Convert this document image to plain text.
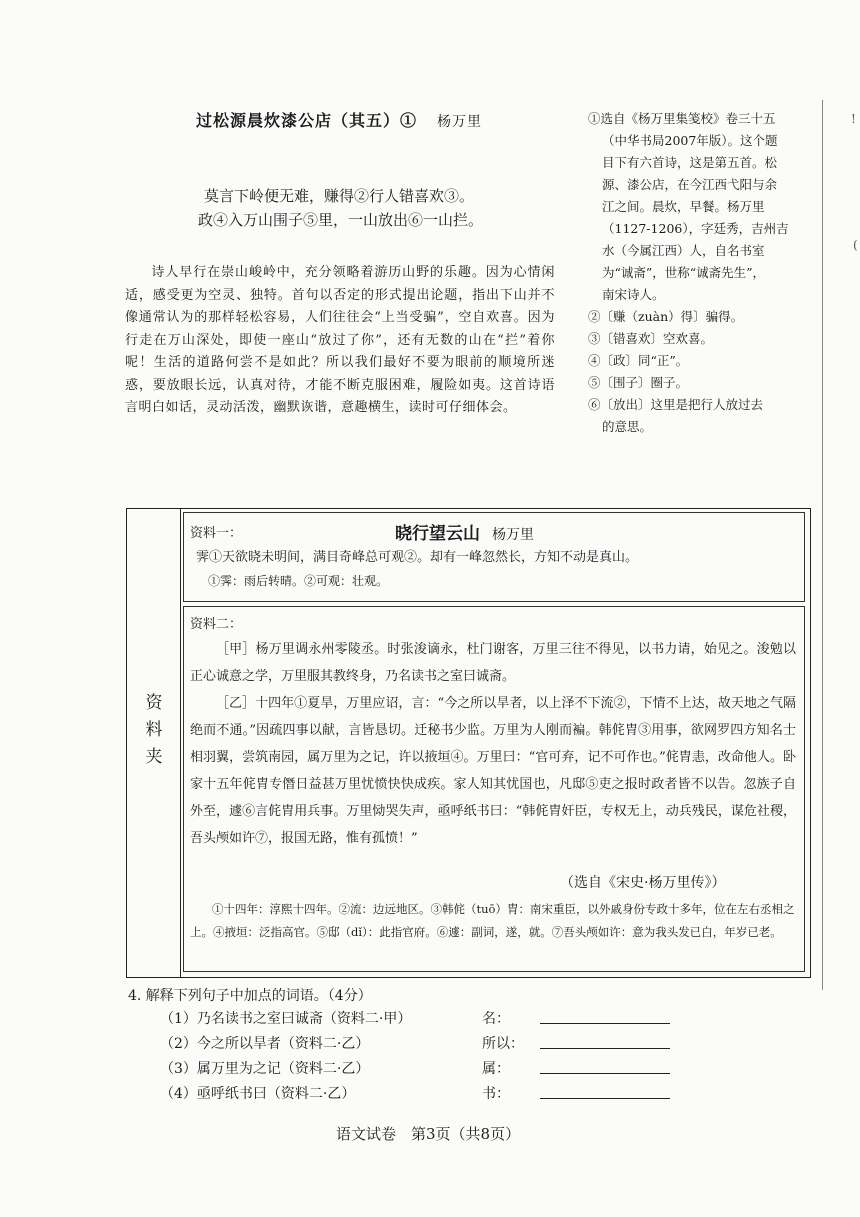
过松源晨炊漆公店（其五）① 杨万里
莫言下岭便无难，赚得②行人错喜欢③。
政④入万山围子⑤里，一山放出⑥一山拦。
诗人早行在崇山峻岭中，充分领略着游历山野的乐趣。因为心情闲适，感受更为空灵、独特。首句以否定的形式提出论题，指出下山并不像通常认为的那样轻松容易，人们往往会“上当受骗”，空自欢喜。因为行走在万山深处，即使一座山“放过了你”，还有无数的山在“拦”着你呢！生活的道路何尝不是如此？所以我们最好不要为眼前的顺境所迷惑，要放眼长远，认真对待，才能不断克服困难，履险如夷。这首诗语言明白如话，灵动活泼，幽默诙谐，意趣横生，读时可仔细体会。

①选自《杨万里集笺校》卷三十五

（中华书局2007年版）。这个题

目下有六首诗，这是第五首。松

源、漆公店，在今江西弋阳与余

江之间。晨炊，早餐。杨万里

（1127-1206），字廷秀，吉州吉

水（今属江西）人，自名书室

为“诚斋”，世称“诚斋先生”，

南宋诗人。

②〔赚（zuàn）得〕骗得。

③〔错喜欢〕空欢喜。

④〔政〕同“正”。

⑤〔围子〕圈子。

⑥〔放出〕这里是把行人放过去

的意思。

!
(
资
料
夹
资料一：	晓行望云山 杨万里
霁①天欲晓未明间，满目奇峰总可观②。却有一峰忽然长，方知不动是真山。
①霁：雨后转晴。②可观：壮观。
资料二：

［甲］杨万里调永州零陵丞。时张浚谪永，杜门谢客，万里三往不得见，以书力请，始见之。浚勉以正心诚意之学，万里服其教终身，乃名读书之室曰诚斋。

［乙］十四年①夏旱，万里应诏，言：“今之所以旱者，以上泽不下流②，下情不上达，故天地之气隔绝而不通。”因疏四事以献，言皆恳切。迁秘书少监。万里为人刚而褊。韩侂胄③用事，欲网罗四方知名士相羽翼，尝筑南园，属万里为之记，许以掖垣④。万里曰：“官可弃，记不可作也。”侂胄恚，改命他人。卧家十五年侂胄专僭日益甚万里忧愤快快成疾。家人知其忧国也，凡邸⑤吏之报时政者皆不以告。忽族子自外至，遽⑥言侂胄用兵事。万里恸哭失声，亟呼纸书曰：“韩侂胄奸臣，专权无上，动兵残民，谋危社稷，吾头颅如许⑦，报国无路，惟有孤愤！”

（选自《宋史·杨万里传》）
①十四年：淳熙十四年。②流：边远地区。③韩侂（tuō）胄：南宋重臣，以外戚身份专政十多年，位在左右丞相之上。④掖垣：泛指高官。⑤邸（dǐ）：此指官府。⑥遽：副词，遂，就。⑦吾头颅如许：意为我头发已白，年岁已老。
4. 解释下列句子中加点的词语。（4分）
（1）乃名读书之室曰诚斋（资料二·甲）	名：
（2）今之所以旱者（资料二·乙）	所以：
（3）属万里为之记（资料二·乙）	属：
（4）亟呼纸书曰（资料二·乙）	书：
语文试卷　第3页（共8页）
